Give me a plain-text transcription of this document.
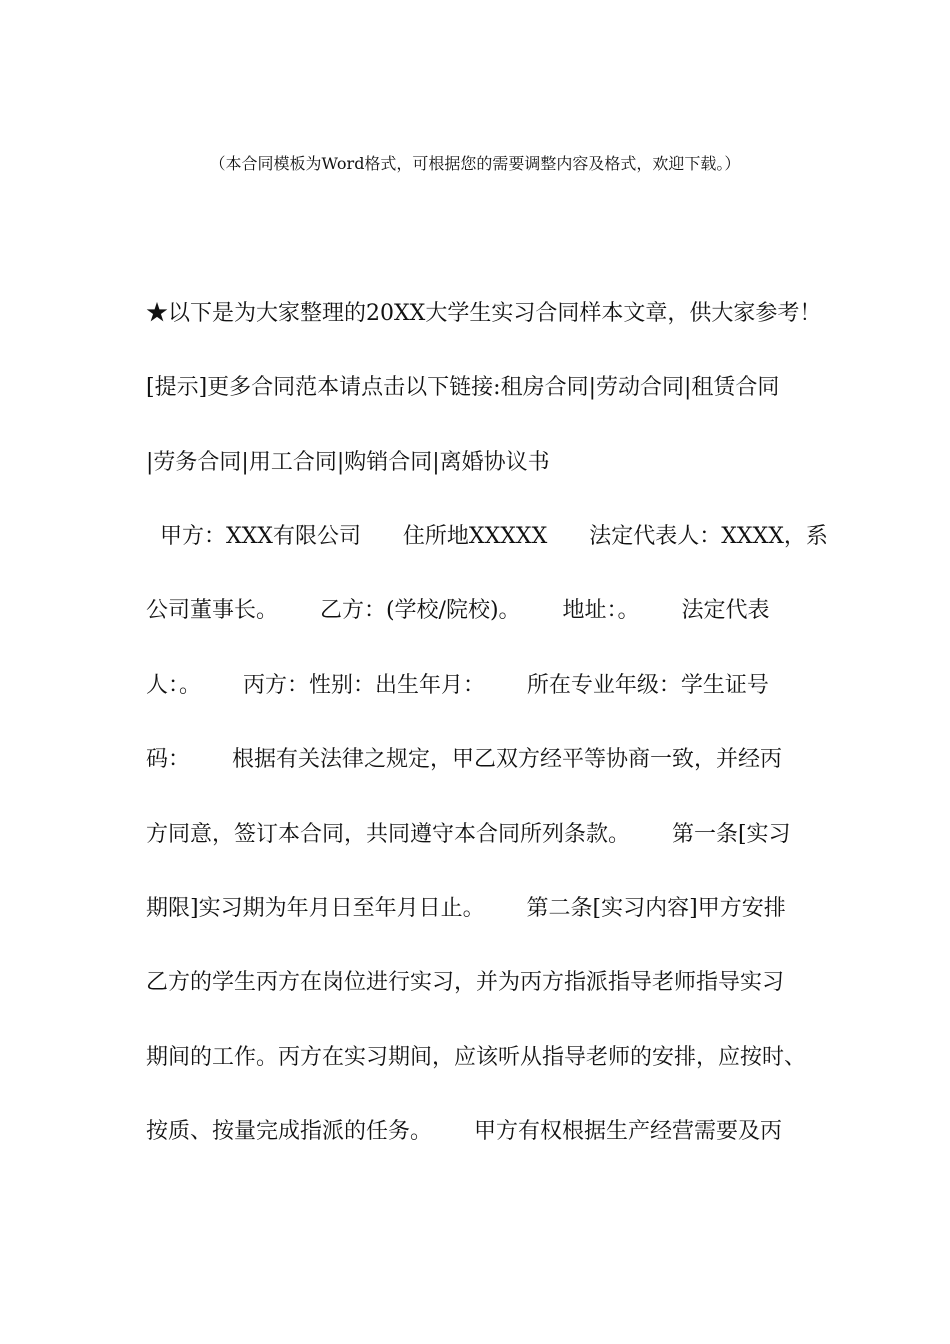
（本合同模板为Word格式，可根据您的需要调整内容及格式，欢迎下载。）
★以下是为大家整理的20XX大学生实习合同样本文章，供大家参考！
[提示]更多合同范本请点击以下链接:租房合同|劳动合同|租赁合同
|劳务合同|用工合同|购销合同|离婚协议书
甲方：XXX有限公司      住所地XXXXX      法定代表人：XXXX，系
公司董事长。      乙方：(学校/院校)。      地址：。      法定代表
人：。      丙方：性别：出生年月：      所在专业年级：学生证号
码：      根据有关法律之规定，甲乙双方经平等协商一致，并经丙
方同意，签订本合同，共同遵守本合同所列条款。      第一条[实习
期限]实习期为年月日至年月日止。      第二条[实习内容]甲方安排
乙方的学生丙方在岗位进行实习，并为丙方指派指导老师指导实习
期间的工作。丙方在实习期间，应该听从指导老师的安排，应按时、
按质、按量完成指派的任务。      甲方有权根据生产经营需要及丙
